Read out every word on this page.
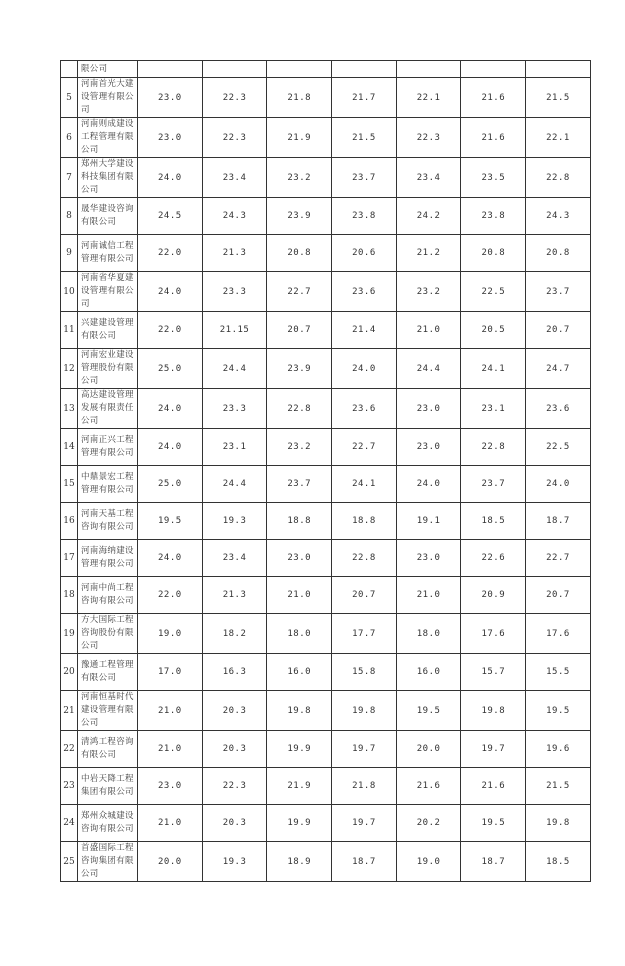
	限公司							
5	河南首光大建设管理有限公司	23.0	22.3	21.8	21.7	22.1	21.6	21.5
6	河南则成建设工程管理有限公司	23.0	22.3	21.9	21.5	22.3	21.6	22.1
7	郑州大学建设科技集团有限公司	24.0	23.4	23.2	23.7	23.4	23.5	22.8
8	晟华建设咨询有限公司	24.5	24.3	23.9	23.8	24.2	23.8	24.3
9	河南诚信工程管理有限公司	22.0	21.3	20.8	20.6	21.2	20.8	20.8
10	河南省华夏建设管理有限公司	24.0	23.3	22.7	23.6	23.2	22.5	23.7
11	兴建建设管理有限公司	22.0	21.15	20.7	21.4	21.0	20.5	20.7
12	河南宏业建设管理股份有限公司	25.0	24.4	23.9	24.0	24.4	24.1	24.7
13	高达建设管理发展有限责任公司	24.0	23.3	22.8	23.6	23.0	23.1	23.6
14	河南正兴工程管理有限公司	24.0	23.1	23.2	22.7	23.0	22.8	22.5
15	中鼎景宏工程管理有限公司	25.0	24.4	23.7	24.1	24.0	23.7	24.0
16	河南天基工程咨询有限公司	19.5	19.3	18.8	18.8	19.1	18.5	18.7
17	河南海纳建设管理有限公司	24.0	23.4	23.0	22.8	23.0	22.6	22.7
18	河南中尚工程咨询有限公司	22.0	21.3	21.0	20.7	21.0	20.9	20.7
19	方大国际工程咨询股份有限公司	19.0	18.2	18.0	17.7	18.0	17.6	17.6
20	豫通工程管理有限公司	17.0	16.3	16.0	15.8	16.0	15.7	15.5
21	河南恒基时代建设管理有限公司	21.0	20.3	19.8	19.8	19.5	19.8	19.5
22	清鸿工程咨询有限公司	21.0	20.3	19.9	19.7	20.0	19.7	19.6
23	中岩天降工程集团有限公司	23.0	22.3	21.9	21.8	21.6	21.6	21.5
24	郑州众城建设咨询有限公司	21.0	20.3	19.9	19.7	20.2	19.5	19.8
25	首盛国际工程咨询集团有限公司	20.0	19.3	18.9	18.7	19.0	18.7	18.5
